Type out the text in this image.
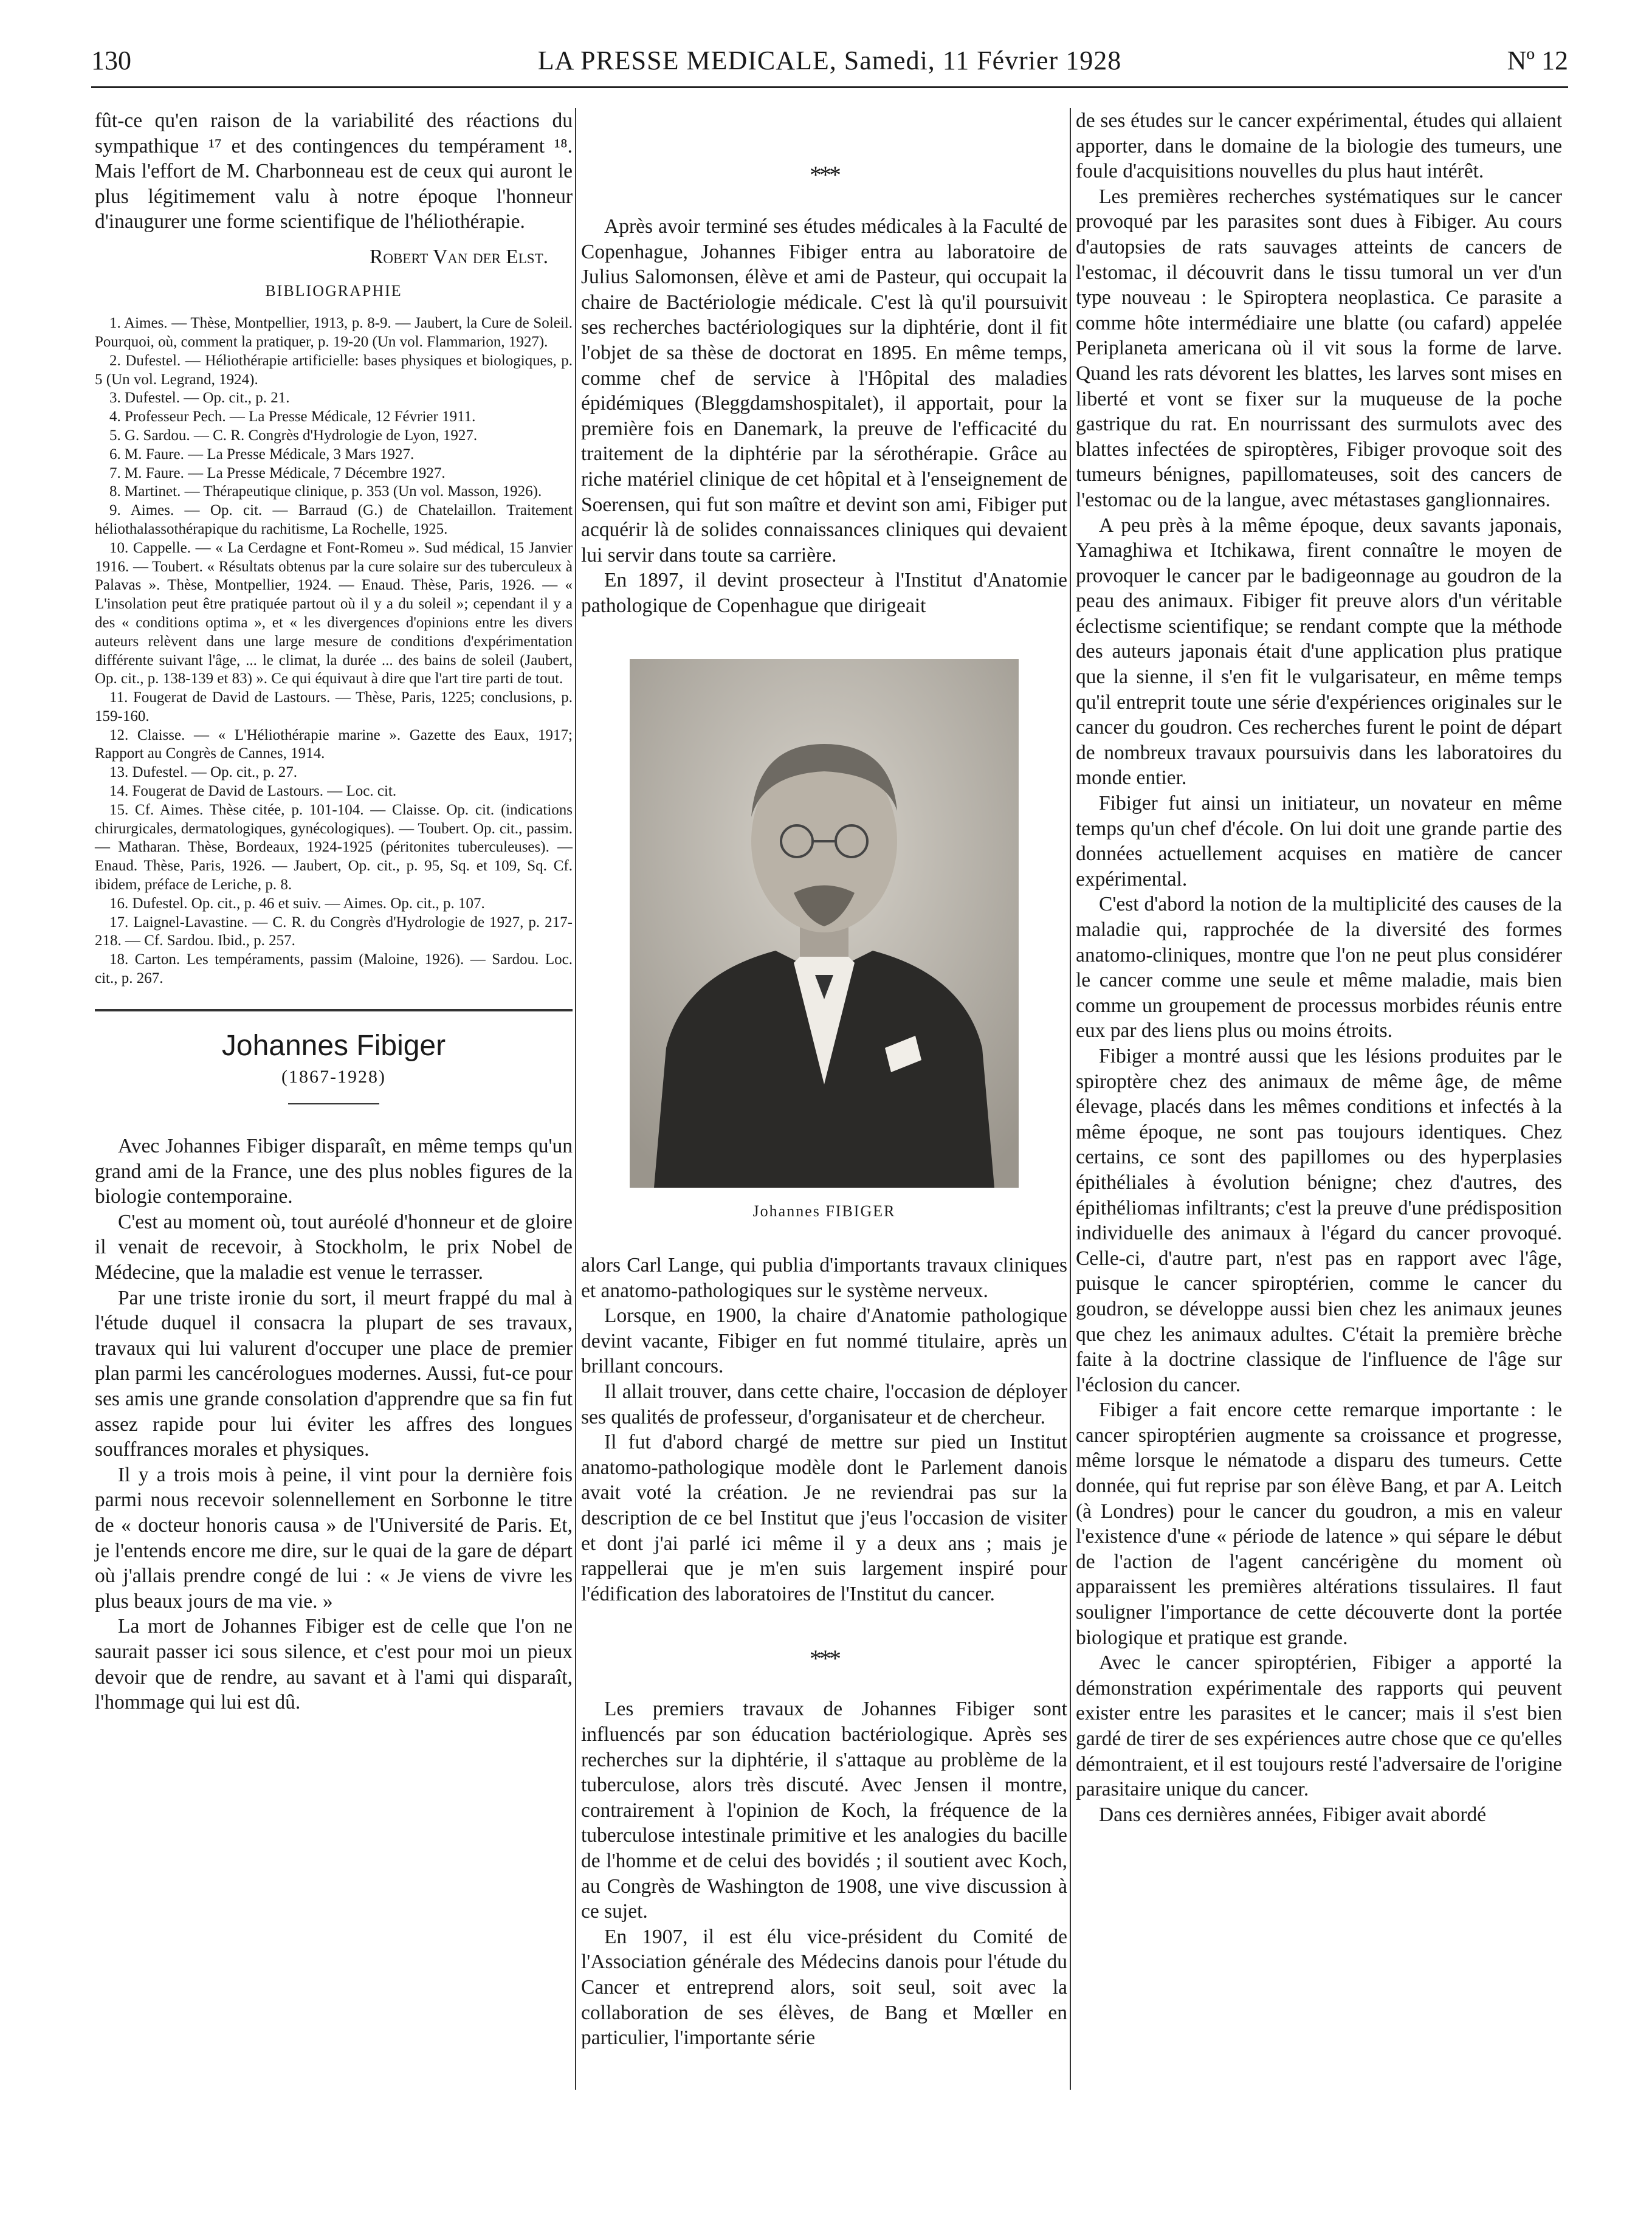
130	LA PRESSE MEDICALE, Samedi, 11 Février 1928	Nº 12

fût-ce qu'en raison de la variabilité des réactions du sympathique ¹⁷ et des contingences du tempérament ¹⁸. Mais l'effort de M. Charbonneau est de ceux qui auront le plus légitimement valu à notre époque l'honneur d'inaugurer une forme scientifique de l'héliothérapie.

Robert Van der Elst.

BIBLIOGRAPHIE

1. Aimes. — Thèse, Montpellier, 1913, p. 8-9. — Jaubert, la Cure de Soleil. Pourquoi, où, comment la pratiquer, p. 19-20 (Un vol. Flammarion, 1927).

2. Dufestel. — Héliothérapie artificielle: bases physiques et biologiques, p. 5 (Un vol. Legrand, 1924).

3. Dufestel. — Op. cit., p. 21.

4. Professeur Pech. — La Presse Médicale, 12 Février 1911.

5. G. Sardou. — C. R. Congrès d'Hydrologie de Lyon, 1927.

6. M. Faure. — La Presse Médicale, 3 Mars 1927.

7. M. Faure. — La Presse Médicale, 7 Décembre 1927.

8. Martinet. — Thérapeutique clinique, p. 353 (Un vol. Masson, 1926).

9. Aimes. — Op. cit. — Barraud (G.) de Chatelaillon. Traitement héliothalassothérapique du rachitisme, La Rochelle, 1925.

10. Cappelle. — « La Cerdagne et Font-Romeu ». Sud médical, 15 Janvier 1916. — Toubert. « Résultats obtenus par la cure solaire sur des tuberculeux à Palavas ». Thèse, Montpellier, 1924. — Enaud. Thèse, Paris, 1926. — « L'insolation peut être pratiquée partout où il y a du soleil »; cependant il y a des « conditions optima », et « les divergences d'opinions entre les divers auteurs relèvent dans une large mesure de conditions d'expérimentation différente suivant l'âge, ... le climat, la durée ... des bains de soleil (Jaubert, Op. cit., p. 138-139 et 83) ». Ce qui équivaut à dire que l'art tire parti de tout.

11. Fougerat de David de Lastours. — Thèse, Paris, 1225; conclusions, p. 159-160.

12. Claisse. — « L'Héliothérapie marine ». Gazette des Eaux, 1917; Rapport au Congrès de Cannes, 1914.

13. Dufestel. — Op. cit., p. 27.

14. Fougerat de David de Lastours. — Loc. cit.

15. Cf. Aimes. Thèse citée, p. 101-104. — Claisse. Op. cit. (indications chirurgicales, dermatologiques, gynécologiques). — Toubert. Op. cit., passim. — Matharan. Thèse, Bordeaux, 1924-1925 (péritonites tuberculeuses). — Enaud. Thèse, Paris, 1926. — Jaubert, Op. cit., p. 95, Sq. et 109, Sq. Cf. ibidem, préface de Leriche, p. 8.

16. Dufestel. Op. cit., p. 46 et suiv. — Aimes. Op. cit., p. 107.

17. Laignel-Lavastine. — C. R. du Congrès d'Hydrologie de 1927, p. 217-218. — Cf. Sardou. Ibid., p. 257.

18. Carton. Les tempéraments, passim (Maloine, 1926). — Sardou. Loc. cit., p. 267.

Johannes Fibiger
(1867-1928)

Avec Johannes Fibiger disparaît, en même temps qu'un grand ami de la France, une des plus nobles figures de la biologie contemporaine.

C'est au moment où, tout auréolé d'honneur et de gloire il venait de recevoir, à Stockholm, le prix Nobel de Médecine, que la maladie est venue le terrasser.

Par une triste ironie du sort, il meurt frappé du mal à l'étude duquel il consacra la plupart de ses travaux, travaux qui lui valurent d'occuper une place de premier plan parmi les cancérologues modernes. Aussi, fut-ce pour ses amis une grande consolation d'apprendre que sa fin fut assez rapide pour lui éviter les affres des longues souffrances morales et physiques.

Il y a trois mois à peine, il vint pour la dernière fois parmi nous recevoir solennellement en Sorbonne le titre de « docteur honoris causa » de l'Université de Paris. Et, je l'entends encore me dire, sur le quai de la gare de départ où j'allais prendre congé de lui : « Je viens de vivre les plus beaux jours de ma vie. »

La mort de Johannes Fibiger est de celle que l'on ne saurait passer ici sous silence, et c'est pour moi un pieux devoir que de rendre, au savant et à l'ami qui disparaît, l'hommage qui lui est dû.

***

Après avoir terminé ses études médicales à la Faculté de Copenhague, Johannes Fibiger entra au laboratoire de Julius Salomonsen, élève et ami de Pasteur, qui occupait la chaire de Bactériologie médicale. C'est là qu'il poursuivit ses recherches bactériologiques sur la diphtérie, dont il fit l'objet de sa thèse de doctorat en 1895. En même temps, comme chef de service à l'Hôpital des maladies épidémiques (Bleggdamshospitalet), il apportait, pour la première fois en Danemark, la preuve de l'efficacité du traitement de la diphtérie par la sérothérapie. Grâce au riche matériel clinique de cet hôpital et à l'enseignement de Soerensen, qui fut son maître et devint son ami, Fibiger put acquérir là de solides connaissances cliniques qui devaient lui servir dans toute sa carrière.

En 1897, il devint prosecteur à l'Institut d'Anatomie pathologique de Copenhague que dirigeait

Johannes FIBIGER

alors Carl Lange, qui publia d'importants travaux cliniques et anatomo-pathologiques sur le système nerveux.

Lorsque, en 1900, la chaire d'Anatomie pathologique devint vacante, Fibiger en fut nommé titulaire, après un brillant concours.

Il allait trouver, dans cette chaire, l'occasion de déployer ses qualités de professeur, d'organisateur et de chercheur.

Il fut d'abord chargé de mettre sur pied un Institut anatomo-pathologique modèle dont le Parlement danois avait voté la création. Je ne reviendrai pas sur la description de ce bel Institut que j'eus l'occasion de visiter et dont j'ai parlé ici même il y a deux ans ; mais je rappellerai que je m'en suis largement inspiré pour l'édification des laboratoires de l'Institut du cancer.

***

Les premiers travaux de Johannes Fibiger sont influencés par son éducation bactériologique. Après ses recherches sur la diphtérie, il s'attaque au problème de la tuberculose, alors très discuté. Avec Jensen il montre, contrairement à l'opinion de Koch, la fréquence de la tuberculose intestinale primitive et les analogies du bacille de l'homme et de celui des bovidés ; il soutient avec Koch, au Congrès de Washington de 1908, une vive discussion à ce sujet.

En 1907, il est élu vice-président du Comité de l'Association générale des Médecins danois pour l'étude du Cancer et entreprend alors, soit seul, soit avec la collaboration de ses élèves, de Bang et Mœller en particulier, l'importante série

de ses études sur le cancer expérimental, études qui allaient apporter, dans le domaine de la biologie des tumeurs, une foule d'acquisitions nouvelles du plus haut intérêt.

Les premières recherches systématiques sur le cancer provoqué par les parasites sont dues à Fibiger. Au cours d'autopsies de rats sauvages atteints de cancers de l'estomac, il découvrit dans le tissu tumoral un ver d'un type nouveau : le Spiroptera neoplastica. Ce parasite a comme hôte intermédiaire une blatte (ou cafard) appelée Periplaneta americana où il vit sous la forme de larve. Quand les rats dévorent les blattes, les larves sont mises en liberté et vont se fixer sur la muqueuse de la poche gastrique du rat. En nourrissant des surmulots avec des blattes infectées de spiroptères, Fibiger provoque soit des tumeurs bénignes, papillomateuses, soit des cancers de l'estomac ou de la langue, avec métastases ganglionnaires.

A peu près à la même époque, deux savants japonais, Yamaghiwa et Itchikawa, firent connaître le moyen de provoquer le cancer par le badigeonnage au goudron de la peau des animaux. Fibiger fit preuve alors d'un véritable éclectisme scientifique; se rendant compte que la méthode des auteurs japonais était d'une application plus pratique que la sienne, il s'en fit le vulgarisateur, en même temps qu'il entreprit toute une série d'expériences originales sur le cancer du goudron. Ces recherches furent le point de départ de nombreux travaux poursuivis dans les laboratoires du monde entier.

Fibiger fut ainsi un initiateur, un novateur en même temps qu'un chef d'école. On lui doit une grande partie des données actuellement acquises en matière de cancer expérimental.

C'est d'abord la notion de la multiplicité des causes de la maladie qui, rapprochée de la diversité des formes anatomo-cliniques, montre que l'on ne peut plus considérer le cancer comme une seule et même maladie, mais bien comme un groupement de processus morbides réunis entre eux par des liens plus ou moins étroits.

Fibiger a montré aussi que les lésions produites par le spiroptère chez des animaux de même âge, de même élevage, placés dans les mêmes conditions et infectés à la même époque, ne sont pas toujours identiques. Chez certains, ce sont des papillomes ou des hyperplasies épithéliales à évolution bénigne; chez d'autres, des épithéliomas infiltrants; c'est la preuve d'une prédisposition individuelle des animaux à l'égard du cancer provoqué. Celle-ci, d'autre part, n'est pas en rapport avec l'âge, puisque le cancer spiroptérien, comme le cancer du goudron, se développe aussi bien chez les animaux jeunes que chez les animaux adultes. C'était la première brèche faite à la doctrine classique de l'influence de l'âge sur l'éclosion du cancer.

Fibiger a fait encore cette remarque importante : le cancer spiroptérien augmente sa croissance et progresse, même lorsque le nématode a disparu des tumeurs. Cette donnée, qui fut reprise par son élève Bang, et par A. Leitch (à Londres) pour le cancer du goudron, a mis en valeur l'existence d'une « période de latence » qui sépare le début de l'action de l'agent cancérigène du moment où apparaissent les premières altérations tissulaires. Il faut souligner l'importance de cette découverte dont la portée biologique et pratique est grande.

Avec le cancer spiroptérien, Fibiger a apporté la démonstration expérimentale des rapports qui peuvent exister entre les parasites et le cancer; mais il s'est bien gardé de tirer de ses expériences autre chose que ce qu'elles démontraient, et il est toujours resté l'adversaire de l'origine parasitaire unique du cancer.

Dans ces dernières années, Fibiger avait abordé
